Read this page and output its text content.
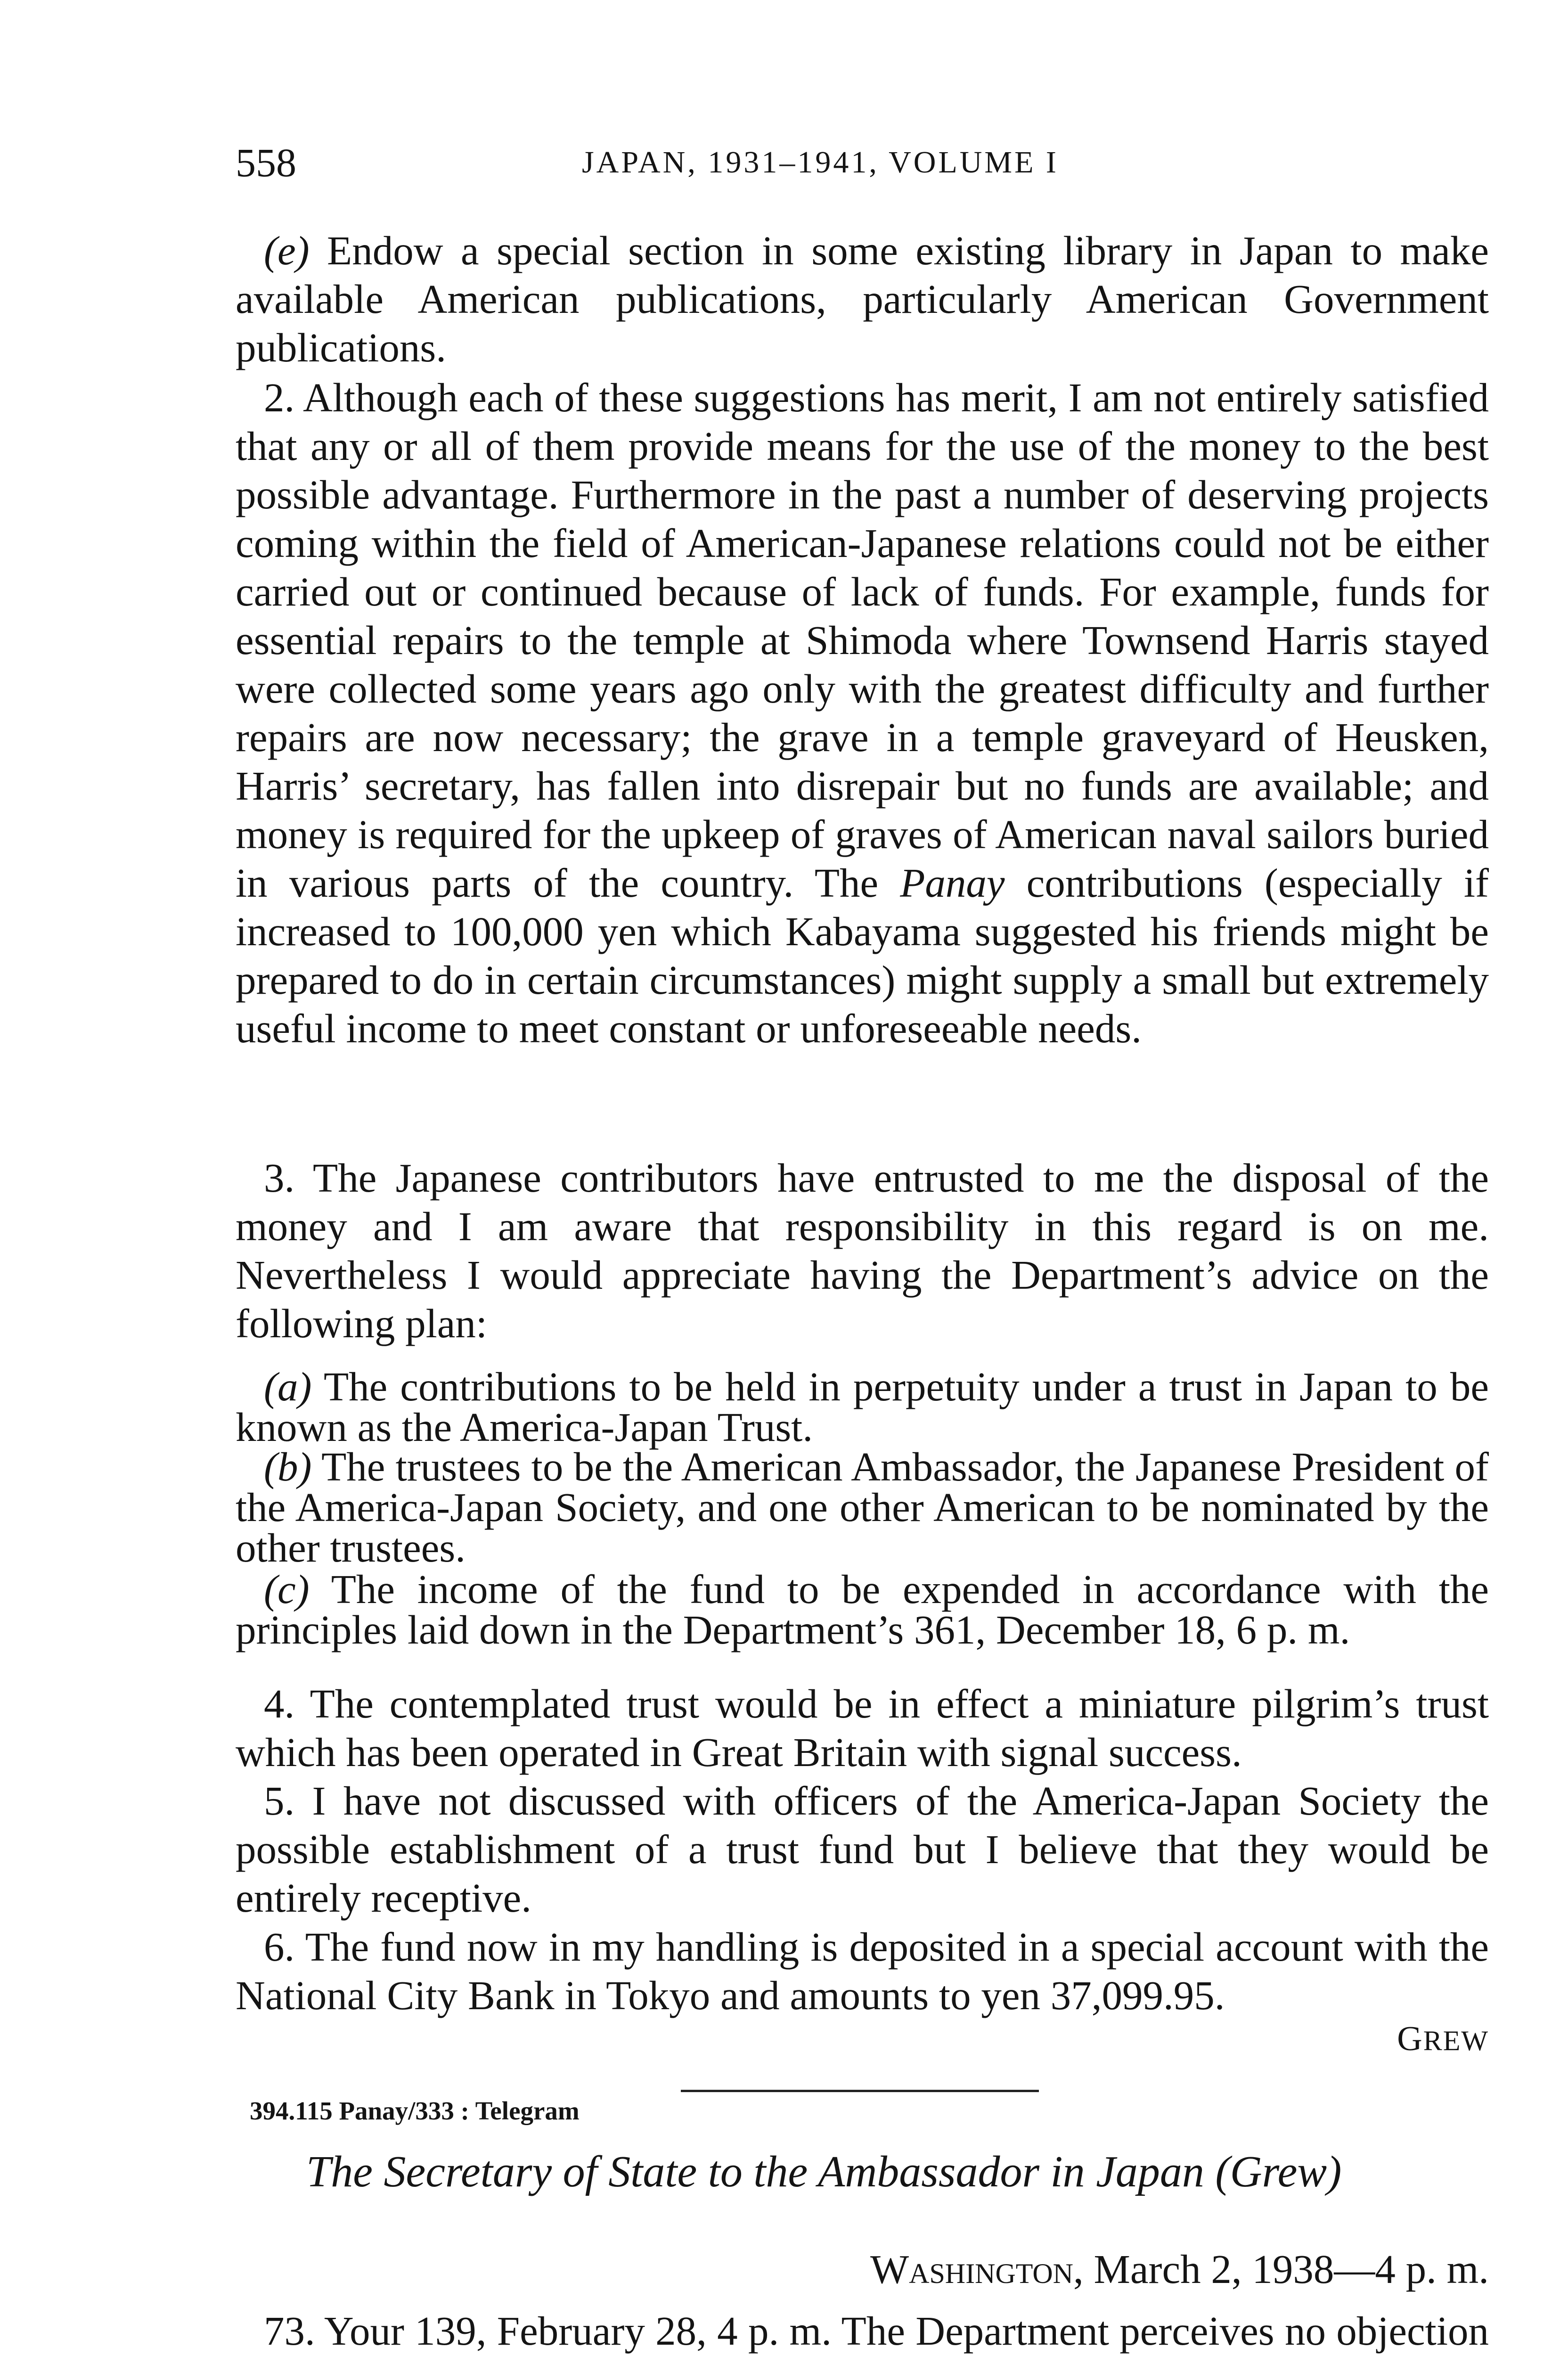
558	JAPAN, 1931–1941, VOLUME I

(e) Endow a special section in some existing library in Japan to make available American publications, particularly American Government publications.

2. Although each of these suggestions has merit, I am not entirely satisfied that any or all of them provide means for the use of the money to the best possible advantage. Furthermore in the past a number of deserving projects coming within the field of American-Japanese relations could not be either carried out or continued because of lack of funds. For example, funds for essential repairs to the temple at Shimoda where Townsend Harris stayed were collected some years ago only with the greatest difficulty and further repairs are now necessary; the grave in a temple graveyard of Heusken, Harris’ secretary, has fallen into disrepair but no funds are available; and money is required for the upkeep of graves of American naval sailors buried in various parts of the country. The Panay contributions (especially if increased to 100,000 yen which Kabayama suggested his friends might be prepared to do in certain circumstances) might supply a small but extremely useful income to meet constant or unforeseeable needs.

3. The Japanese contributors have entrusted to me the disposal of the money and I am aware that responsibility in this regard is on me. Nevertheless I would appreciate having the Department’s advice on the following plan:

(a) The contributions to be held in perpetuity under a trust in Japan to be known as the America-Japan Trust.

(b) The trustees to be the American Ambassador, the Japanese President of the America-Japan Society, and one other American to be nominated by the other trustees.

(c) The income of the fund to be expended in accordance with the principles laid down in the Department’s 361, December 18, 6 p. m.

4. The contemplated trust would be in effect a miniature pilgrim’s trust which has been operated in Great Britain with signal success.

5. I have not discussed with officers of the America-Japan Society the possible establishment of a trust fund but I believe that they would be entirely receptive.

6. The fund now in my handling is deposited in a special account with the National City Bank in Tokyo and amounts to yen 37,099.95.

GREW
394.115 Panay/333 : Telegram
The Secretary of State to the Ambassador in Japan (Grew)
WASHINGTON, March 2, 1938—4 p. m.

73. Your 139, February 28, 4 p. m. The Department perceives no objection
